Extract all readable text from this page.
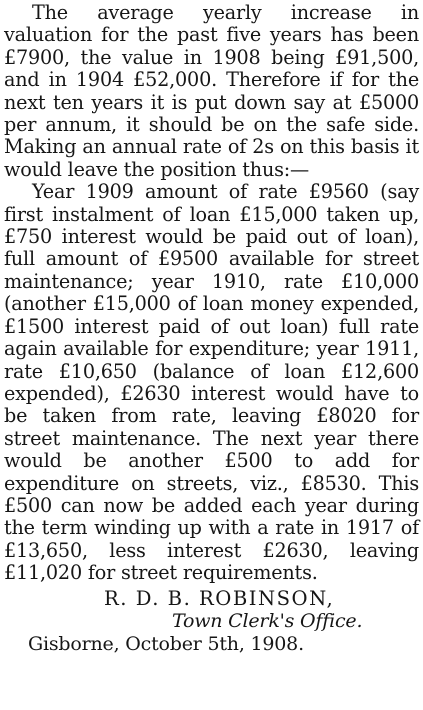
The average yearly increase in valuation for the past five years has been £7900, the value in 1908 being £91,500, and in 1904 £52,000. Therefore if for the next ten years it is put down say at £5000 per annum, it should be on the safe side. Making an annual rate of 2s on this basis it would leave the position thus:—

Year 1909 amount of rate £9560 (say first instalment of loan £15,000 taken up, £750 interest would be paid out of loan), full amount of £9500 available for street maintenance; year 1910, rate £10,000 (another £15,000 of loan money expended, £1500 interest paid of out loan) full rate again available for expenditure; year 1911, rate £10,650 (balance of loan £12,600 expended), £2630 interest would have to be taken from rate, leaving £8020 for street maintenance. The next year there would be another £500 to add for expenditure on streets, viz., £8530. This £500 can now be added each year during the term winding up with a rate in 1917 of £13,650, less interest £2630, leaving £11,020 for street requirements.

R. D. B. ROBINSON,

Town Clerk's Office.

Gisborne, October 5th, 1908.
